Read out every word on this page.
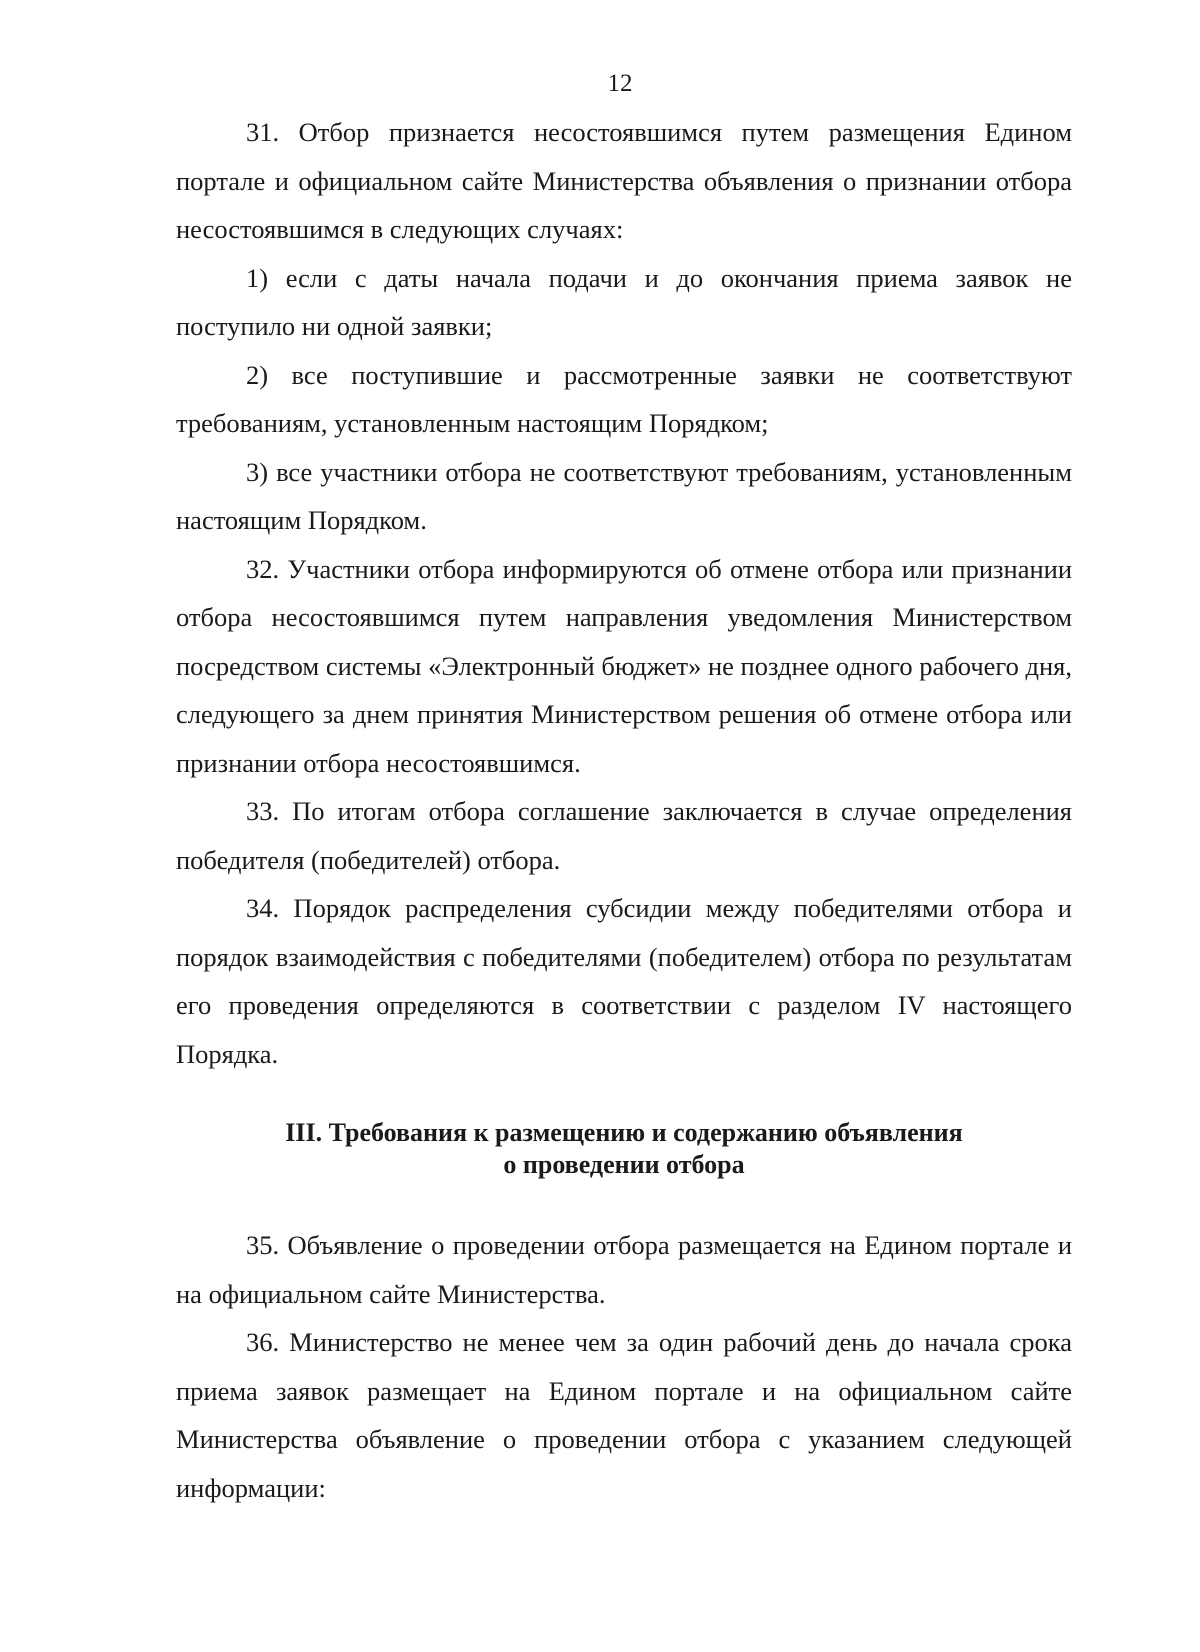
12

31. Отбор признается несостоявшимся путем размещения Едином портале и официальном сайте Министерства объявления о признании отбора несостоявшимся в следующих случаях:

1) если с даты начала подачи и до окончания приема заявок не поступило ни одной заявки;

2) все поступившие и рассмотренные заявки не соответствуют требованиям, установленным настоящим Порядком;

3) все участники отбора не соответствуют требованиям, установленным настоящим Порядком.

32. Участники отбора информируются об отмене отбора или признании отбора несостоявшимся путем направления уведомления Министерством посредством системы «Электронный бюджет» не позднее одного рабочего дня, следующего за днем принятия Министерством решения об отмене отбора или признании отбора несостоявшимся.

33. По итогам отбора соглашение заключается в случае определения победителя (победителей) отбора.

34. Порядок распределения субсидии между победителями отбора и порядок взаимодействия с победителями (победителем) отбора по результатам его проведения определяются в соответствии с разделом IV настоящего Порядка.

III. Требования к размещению и содержанию объявления
о проведении отбора

35. Объявление о проведении отбора размещается на Едином портале и на официальном сайте Министерства.

36. Министерство не менее чем за один рабочий день до начала срока приема заявок размещает на Едином портале и на официальном сайте Министерства объявление о проведении отбора с указанием следующей информации:
